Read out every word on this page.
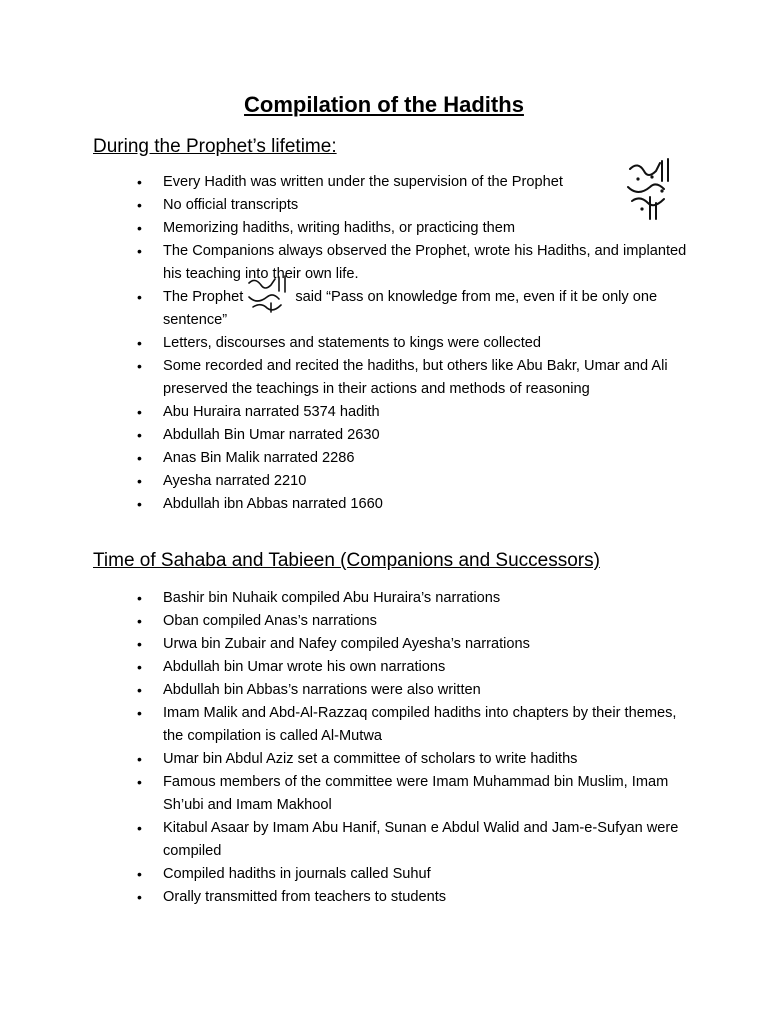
Compilation of the Hadiths
During the Prophet’s lifetime:
• Every Hadith was written under the supervision of the Prophet
• No official transcripts
• Memorizing hadiths, writing hadiths, or practicing them
• The Companions always observed the Prophet, wrote his Hadiths, and implanted his teaching into their own life.
• The Prophet	said “Pass on knowledge from me, even if it be only one sentence”
• Letters, discourses and statements to kings were collected
• Some recorded and recited the hadiths, but others like Abu Bakr, Umar and Ali preserved the teachings in their actions and methods of reasoning
• Abu Huraira narrated 5374 hadith
• Abdullah Bin Umar narrated 2630
• Anas Bin Malik narrated 2286
• Ayesha narrated 2210
• Abdullah ibn Abbas narrated 1660
Time of Sahaba and Tabieen (Companions and Successors)
• Bashir bin Nuhaik compiled Abu Huraira’s narrations
• Oban compiled Anas’s narrations
• Urwa bin Zubair and Nafey compiled Ayesha’s narrations
• Abdullah bin Umar wrote his own narrations
• Abdullah bin Abbas’s narrations were also written
• Imam Malik and Abd-Al-Razzaq compiled hadiths into chapters by their themes, the compilation is called Al-Mutwa
• Umar bin Abdul Aziz set a committee of scholars to write hadiths
• Famous members of the committee were Imam Muhammad bin Muslim, Imam Sh’ubi and Imam Makhool
• Kitabul Asaar by Imam Abu Hanif, Sunan e Abdul Walid and Jam-e-Sufyan were compiled
• Compiled hadiths in journals called Suhuf
• Orally transmitted from teachers to students
